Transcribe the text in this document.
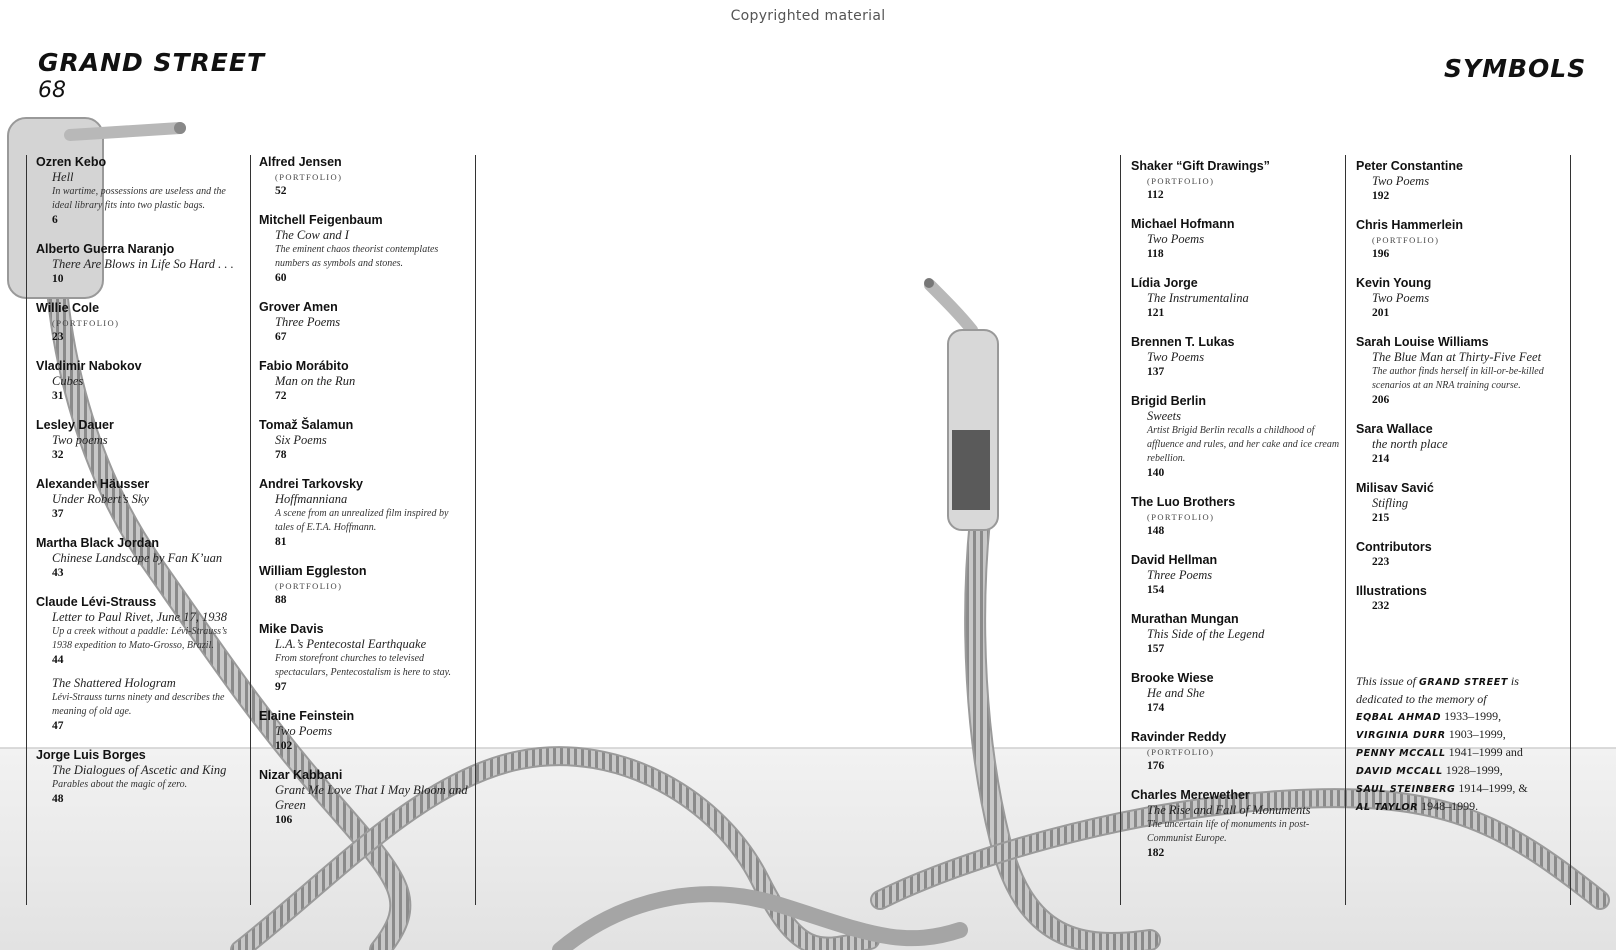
Copyrighted material
GRAND STREET
68
SYMBOLS
Ozren Kebo
Hell
In wartime, possessions are useless and the ideal library fits into two plastic bags.
6
Alberto Guerra Naranjo
There Are Blows in Life So Hard . . .
10
Willie Cole
(PORTFOLIO)
23
Vladimir Nabokov
Cubes
31
Lesley Dauer
Two poems
32
Alexander Häusser
Under Robert’s Sky
37
Martha Black Jordan
Chinese Landscape by Fan K’uan
43
Claude Lévi-Strauss
Letter to Paul Rivet, June 17, 1938
Up a creek without a paddle: Lévi-Strauss’s 1938 expedition to Mato-Grosso, Brazil.
44
The Shattered Hologram
Lévi-Strauss turns ninety and describes the meaning of old age.
47
Jorge Luis Borges
The Dialogues of Ascetic and King
Parables about the magic of zero.
48
Alfred Jensen
(PORTFOLIO)
52
Mitchell Feigenbaum
The Cow and I
The eminent chaos theorist contemplates numbers as symbols and stones.
60
Grover Amen
Three Poems
67
Fabio Morábito
Man on the Run
72
Tomaž Šalamun
Six Poems
78
Andrei Tarkovsky
Hoffmanniana
A scene from an unrealized film inspired by tales of E.T.A. Hoffmann.
81
William Eggleston
(PORTFOLIO)
88
Mike Davis
L.A.’s Pentecostal Earthquake
From storefront churches to televised spectaculars, Pentecostalism is here to stay.
97
Elaine Feinstein
Two Poems
102
Nizar Kabbani
Grant Me Love That I May Bloom and Green
106
Shaker “Gift Drawings”
(PORTFOLIO)
112
Michael Hofmann
Two Poems
118
Lídia Jorge
The Instrumentalina
121
Brennen T. Lukas
Two Poems
137
Brigid Berlin
Sweets
Artist Brigid Berlin recalls a childhood of affluence and rules, and her cake and ice cream rebellion.
140
The Luo Brothers
(PORTFOLIO)
148
David Hellman
Three Poems
154
Murathan Mungan
This Side of the Legend
157
Brooke Wiese
He and She
174
Ravinder Reddy
(PORTFOLIO)
176
Charles Merewether
The Rise and Fall of Monuments
The uncertain life of monuments in post-Communist Europe.
182
Peter Constantine
Two Poems
192
Chris Hammerlein
(PORTFOLIO)
196
Kevin Young
Two Poems
201
Sarah Louise Williams
The Blue Man at Thirty-Five Feet
The author finds herself in kill-or-be-killed scenarios at an NRA training course.
206
Sara Wallace
the north place
214
Milisav Savić
Stifling
215
Contributors
223
Illustrations
232
This issue of GRAND STREET is dedicated to the memory of
EQBAL AHMAD 1933–1999,
VIRGINIA DURR 1903–1999,
PENNY MCCALL 1941–1999 and
DAVID MCCALL 1928–1999,
SAUL STEINBERG 1914–1999, &
AL TAYLOR 1948–1999.
